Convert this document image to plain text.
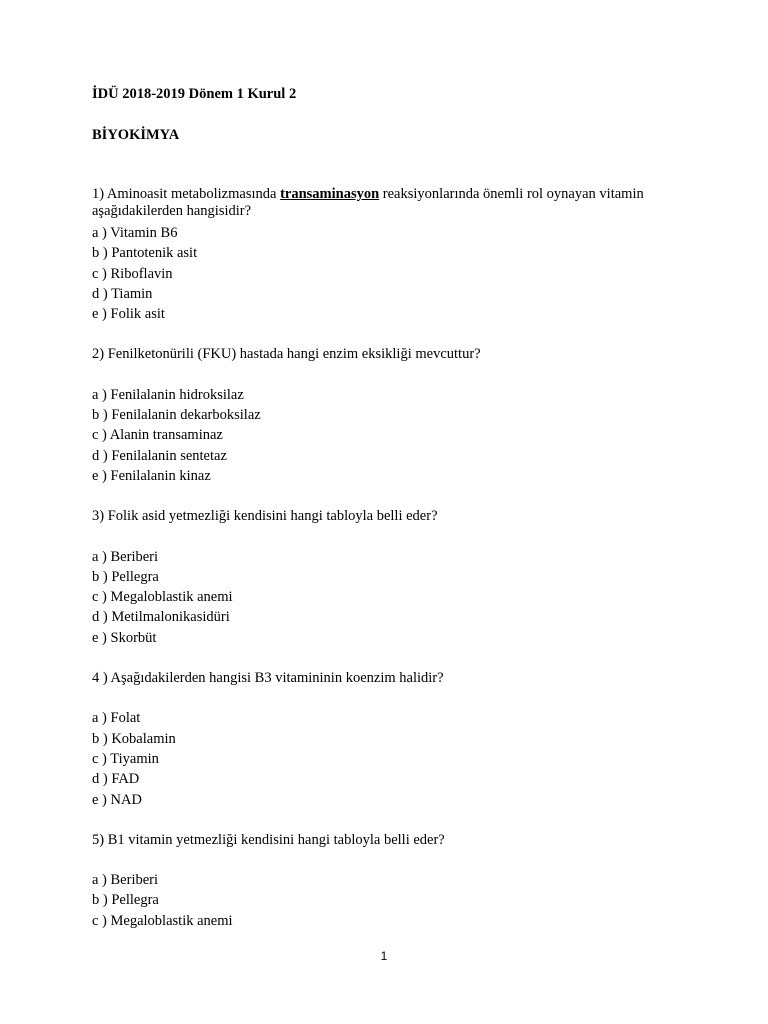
İDÜ 2018-2019 Dönem 1 Kurul 2
BİYOKİMYA

1) Aminoasit metabolizmasında transaminasyon reaksiyonlarında önemli rol oynayan vitamin aşağıdakilerden hangisidir?

a ) Vitamin B6
b ) Pantotenik asit
c ) Riboflavin
d ) Tiamin
e ) Folik asit

2) Fenilketonürili (FKU) hastada hangi enzim eksikliği mevcuttur?

a ) Fenilalanin hidroksilaz
b ) Fenilalanin dekarboksilaz
c ) Alanin transaminaz
d ) Fenilalanin sentetaz
e ) Fenilalanin kinaz

3) Folik asid yetmezliği kendisini hangi tabloyla belli eder?

a ) Beriberi
b ) Pellegra
c ) Megaloblastik anemi
d ) Metilmalonikasidüri
e ) Skorbüt

4 ) Aşağıdakilerden hangisi B3 vitamininin koenzim halidir?

a ) Folat
b ) Kobalamin
c ) Tiyamin
d ) FAD
e ) NAD

5) B1 vitamin yetmezliği kendisini hangi tabloyla belli eder?

a ) Beriberi
b ) Pellegra
c ) Megaloblastik anemi
1
